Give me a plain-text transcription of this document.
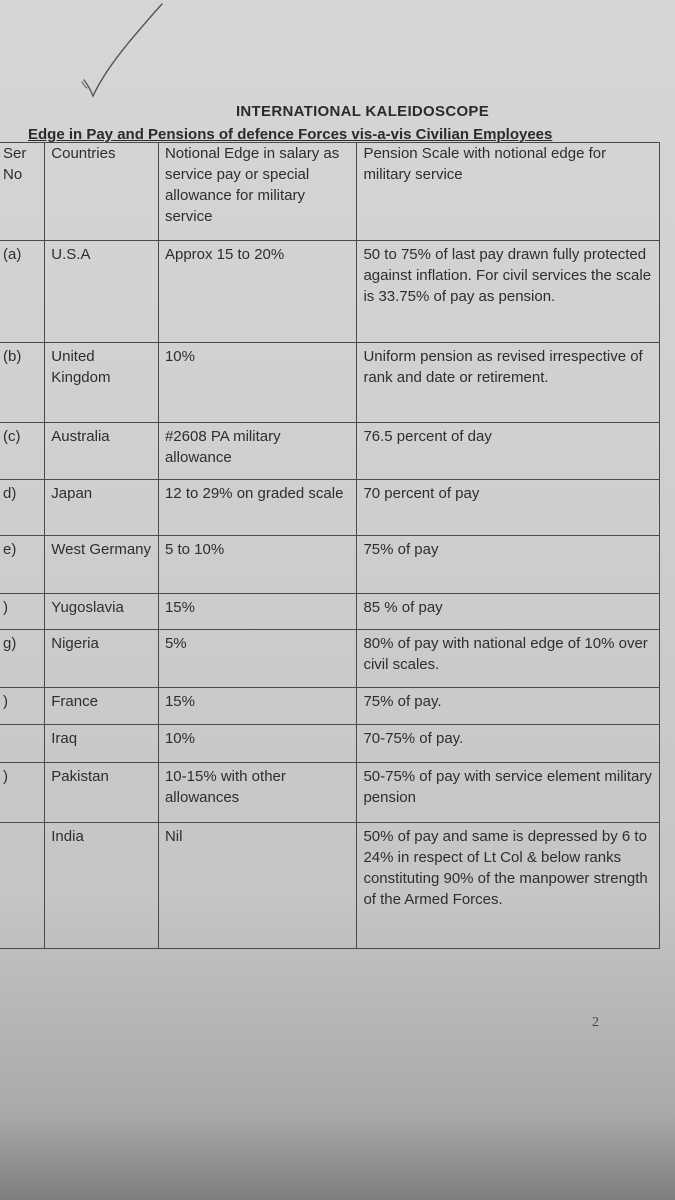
INTERNATIONAL KALEIDOSCOPE
Edge in Pay and Pensions of defence Forces vis-a-vis Civilian Employees
Ser No	Countries	Notional Edge in salary as service pay or special allowance for military service	Pension Scale with notional edge for military service
(a)	U.S.A	Approx 15 to 20%	50 to 75% of last pay drawn fully protected against inflation. For civil services the scale is 33.75% of pay as pension.
(b)	United Kingdom	10%	Uniform pension as revised irrespective of rank and date or retirement.
(c)	Australia	#2608 PA military allowance	76.5 percent of day
d)	Japan	12 to 29% on graded scale	70 percent of pay
e)	West Germany	5 to 10%	75% of pay
)	Yugoslavia	15%	85 % of pay
g)	Nigeria	5%	80% of pay with national edge of 10% over civil scales.
)	France	15%	75% of pay.
	Iraq	10%	70-75% of pay.
)	Pakistan	10-15% with other allowances	50-75% of pay with service element military pension
	India	Nil	50% of pay and same is depressed by 6 to 24% in respect of Lt Col & below ranks constituting 90% of the manpower strength of the Armed Forces.
2
